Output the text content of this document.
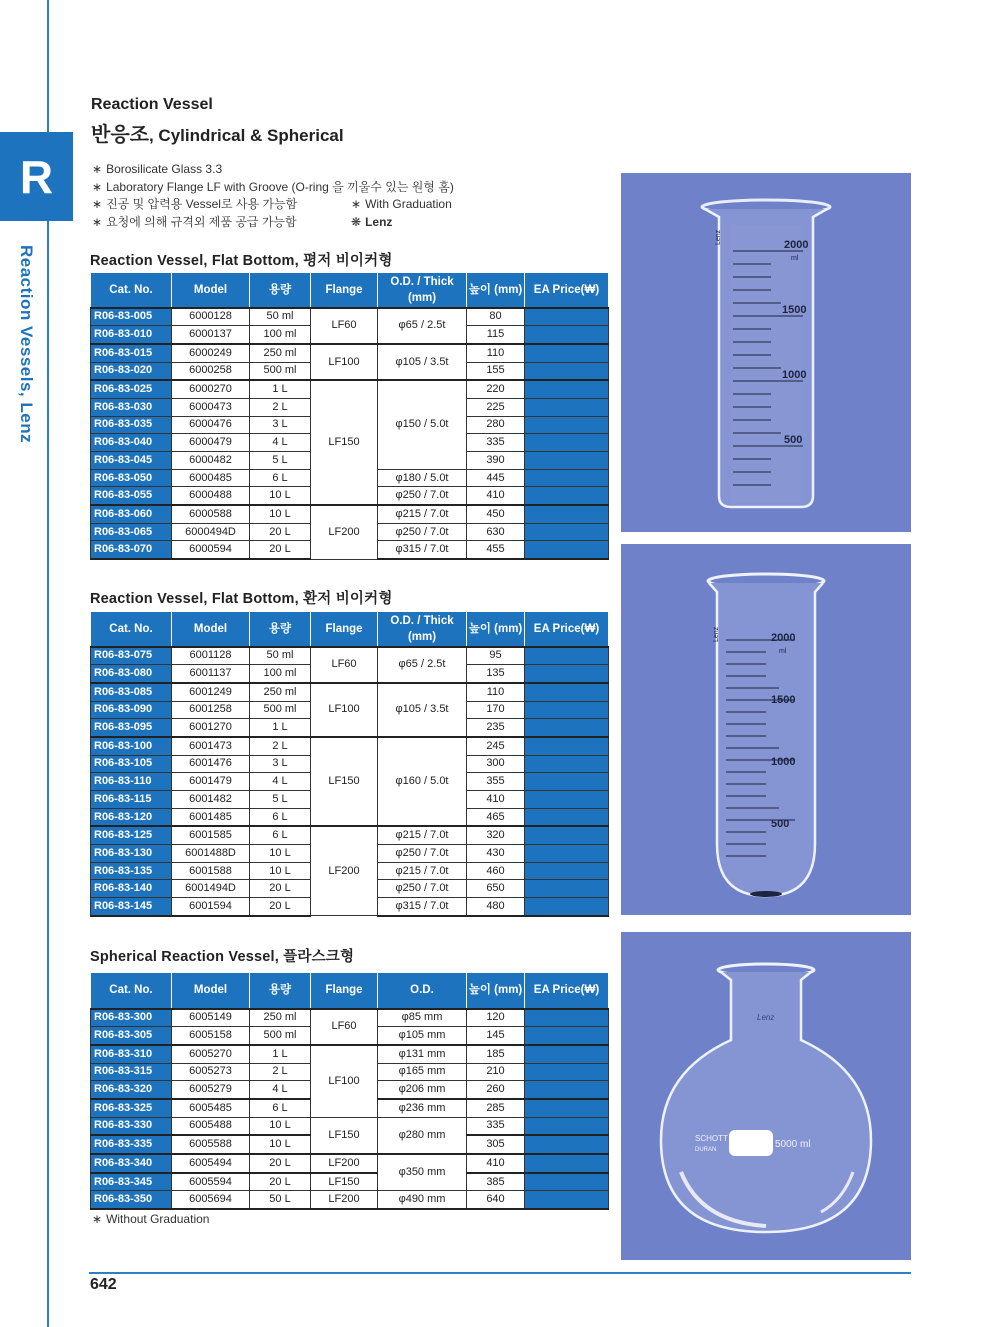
R
Reaction Vessels, Lenz
Reaction Vessel
반응조, Cylindrical & Spherical
∗ Borosilicate Glass 3.3
∗ Laboratory Flange LF with Groove (O-ring 을 끼울수 있는 원형 홈)
∗ 진공 및 압력용 Vessel로 사용 가능함	∗ With Graduation
∗ 요청에 의해 규격외 제품 공급 가능함	❋ Lenz
Reaction Vessel, Flat Bottom, 평저 비이커형
Cat. No.	Model	용량	Flange	O.D. / Thick (mm)	높이 (mm)	EA Price(₩)
R06-83-005	6000128	50 ml	LF60	φ65 / 2.5t	80	
R06-83-010	6000137	100 ml			115	
R06-83-015	6000249	250 ml	LF100	φ105 / 3.5t	110	
R06-83-020	6000258	500 ml			155	
R06-83-025	6000270	1 L	LF150	φ150 / 5.0t	220	
R06-83-030	6000473	2 L			225	
R06-83-035	6000476	3 L			280	
R06-83-040	6000479	4 L			335	
R06-83-045	6000482	5 L			390	
R06-83-050	6000485	6 L		φ180 / 5.0t	445	
R06-83-055	6000488	10 L		φ250 / 7.0t	410	
R06-83-060	6000588	10 L	LF200	φ215 / 7.0t	450	
R06-83-065	6000494D	20 L		φ250 / 7.0t	630	
R06-83-070	6000594	20 L		φ315 / 7.0t	455	
Reaction Vessel, Flat Bottom, 환저 비이커형
Cat. No.	Model	용량	Flange	O.D. / Thick (mm)	높이 (mm)	EA Price(₩)
R06-83-075	6001128	50 ml	LF60	φ65 / 2.5t	95	
R06-83-080	6001137	100 ml			135	
R06-83-085	6001249	250 ml	LF100	φ105 / 3.5t	110	
R06-83-090	6001258	500 ml			170	
R06-83-095	6001270	1 L			235	
R06-83-100	6001473	2 L	LF150	φ160 / 5.0t	245	
R06-83-105	6001476	3 L			300	
R06-83-110	6001479	4 L			355	
R06-83-115	6001482	5 L			410	
R06-83-120	6001485	6 L			465	
R06-83-125	6001585	6 L	LF200	φ215 / 7.0t	320	
R06-83-130	6001488D	10 L		φ250 / 7.0t	430	
R06-83-135	6001588	10 L		φ215 / 7.0t	460	
R06-83-140	6001494D	20 L		φ250 / 7.0t	650	
R06-83-145	6001594	20 L		φ315 / 7.0t	480	
Spherical Reaction Vessel, 플라스크형
Cat. No.	Model	용량	Flange	O.D.	높이 (mm)	EA Price(₩)
R06-83-300	6005149	250 ml	LF60	φ85 mm	120	
R06-83-305	6005158	500 ml		φ105 mm	145	
R06-83-310	6005270	1 L	LF100	φ131 mm	185	
R06-83-315	6005273	2 L		φ165 mm	210	
R06-83-320	6005279	4 L		φ206 mm	260	
R06-83-325	6005485	6 L		φ236 mm	285	
R06-83-330	6005488	10 L	LF150	φ280 mm	335	
R06-83-335	6005588	10 L			305	
R06-83-340	6005494	20 L	LF200	φ350 mm	410	
R06-83-345	6005594	20 L	LF150		385	
R06-83-350	6005694	50 L	LF200	φ490 mm	640	
∗ Without Graduation
2000
ml
1500
1000
500
Lenz
2000
ml
1500
1000
500
Lenz
SCHOTT
DURAN	5000 ml
Lenz
642
